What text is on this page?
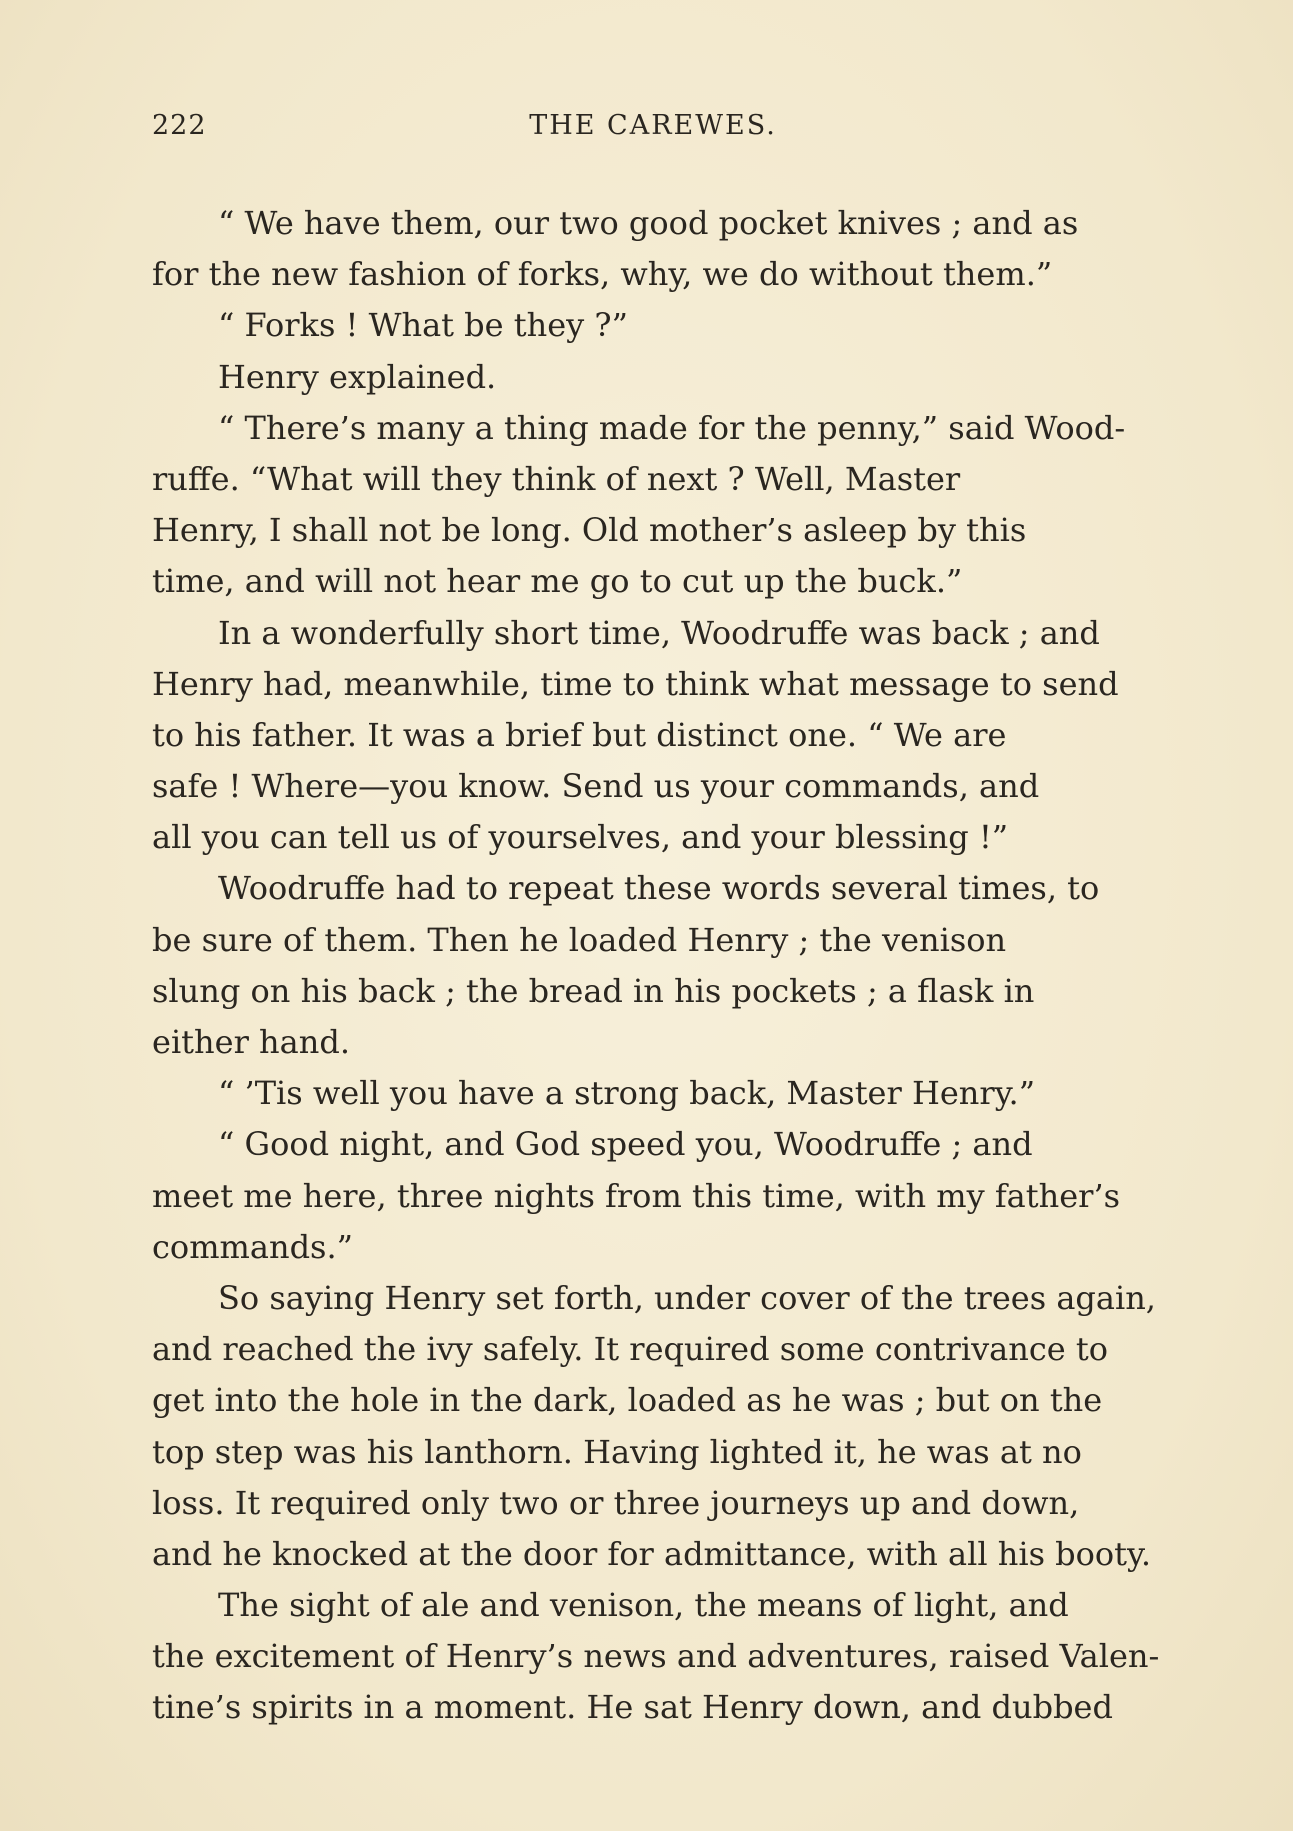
222	THE CAREWES.
“ We have them, our two good pocket knives ; and as
for the new fashion of forks, why, we do without them.”
“ Forks ! What be they ?”
Henry explained.
“ There’s many a thing made for the penny,” said Wood-
ruffe. “What will they think of next ? Well, Master
Henry, I shall not be long. Old mother’s asleep by this
time, and will not hear me go to cut up the buck.”
In a wonderfully short time, Woodruffe was back ; and
Henry had, meanwhile, time to think what message to send
to his father. It was a brief but distinct one. “ We are
safe ! Where—you know. Send us your commands, and
all you can tell us of yourselves, and your blessing !”
Woodruffe had to repeat these words several times, to
be sure of them. Then he loaded Henry ; the venison
slung on his back ; the bread in his pockets ; a flask in
either hand.
“ ’Tis well you have a strong back, Master Henry.”
“ Good night, and God speed you, Woodruffe ; and
meet me here, three nights from this time, with my father’s
commands.”
So saying Henry set forth, under cover of the trees again,
and reached the ivy safely. It required some contrivance to
get into the hole in the dark, loaded as he was ; but on the
top step was his lanthorn. Having lighted it, he was at no
loss. It required only two or three journeys up and down,
and he knocked at the door for admittance, with all his booty.
The sight of ale and venison, the means of light, and
the excitement of Henry’s news and adventures, raised Valen-
tine’s spirits in a moment. He sat Henry down, and dubbed
